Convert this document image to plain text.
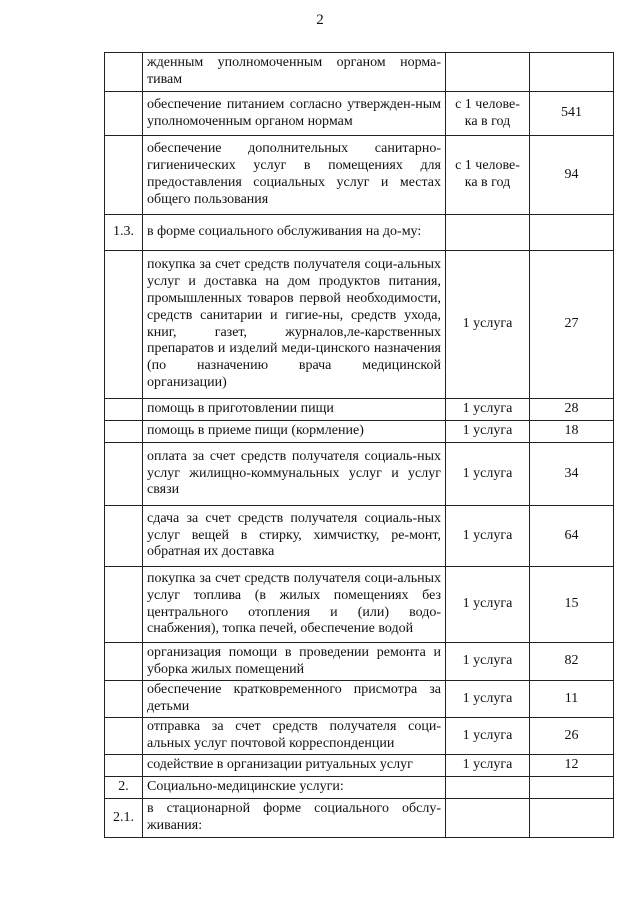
2
	жденным уполномоченным органом норма-тивам		
	обеспечение питанием согласно утвержден-ным уполномоченным органом нормам	с 1 челове-ка в год	541
	обеспечение дополнительных санитарно-гигиенических услуг в помещениях для предоставления социальных услуг и местах общего пользования	с 1 челове-ка в год	94
1.3.	в форме социального обслуживания на до-му:		
	покупка за счет средств получателя соци-альных услуг и доставка на дом продуктов питания, промышленных товаров первой необходимости, средств санитарии и гигие-ны, средств ухода, книг, газет, журналов,ле-карственных препаратов и изделий меди-цинского назначения (по назначению врача медицинской организации)	1 услуга	27
	помощь в приготовлении пищи	1 услуга	28
	помощь в приеме пищи (кормление)	1 услуга	18
	оплата за счет средств получателя социаль-ных услуг жилищно-коммунальных услуг и услуг связи	1 услуга	34
	сдача за счет средств получателя социаль-ных услуг вещей в стирку, химчистку, ре-монт, обратная их доставка	1 услуга	64
	покупка за счет средств получателя соци-альных услуг топлива (в жилых помещениях без центрального отопления и (или) водо-снабжения), топка печей, обеспечение водой	1 услуга	15
	организация помощи в проведении ремонта и уборка жилых помещений	1 услуга	82
	обеспечение кратковременного присмотра за детьми	1 услуга	11
	отправка за счет средств получателя соци-альных услуг почтовой корреспонденции	1 услуга	26
	содействие в организации ритуальных услуг	1 услуга	12
2.	Социально-медицинские услуги:		
2.1.	в стационарной форме социального обслу-живания:		
